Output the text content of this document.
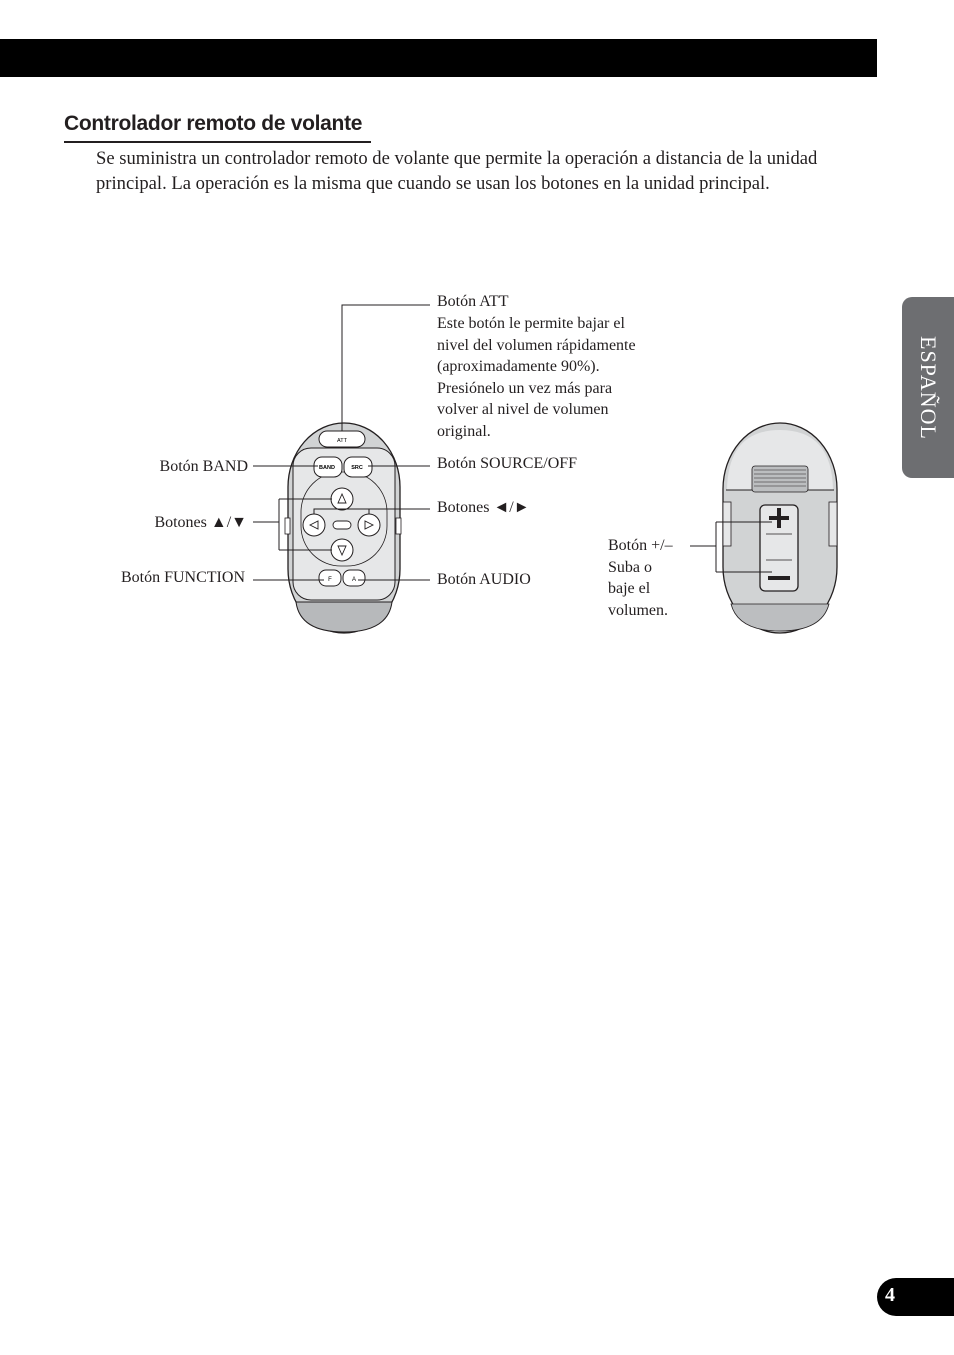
Controlador remoto de volante

Se suministra un controlador remoto de volante que permite la operación a distancia de la unidad principal. La operación es la misma que cuando se usan los botones en la unidad principal.

ESPAÑOL
4
ATT
BAND	SRC
F	A
Botón ATT
Este botón le permite bajar el
nivel del volumen rápidamente
(aproximadamente 90%).
Presiónelo un vez más para
volver al nivel de volumen
original.
Botón SOURCE/OFF
Botones ◄/►
Botón AUDIO
Botón BAND
Botones ▲/▼
Botón FUNCTION
Botón +/–
Suba o
baje el
volumen.
